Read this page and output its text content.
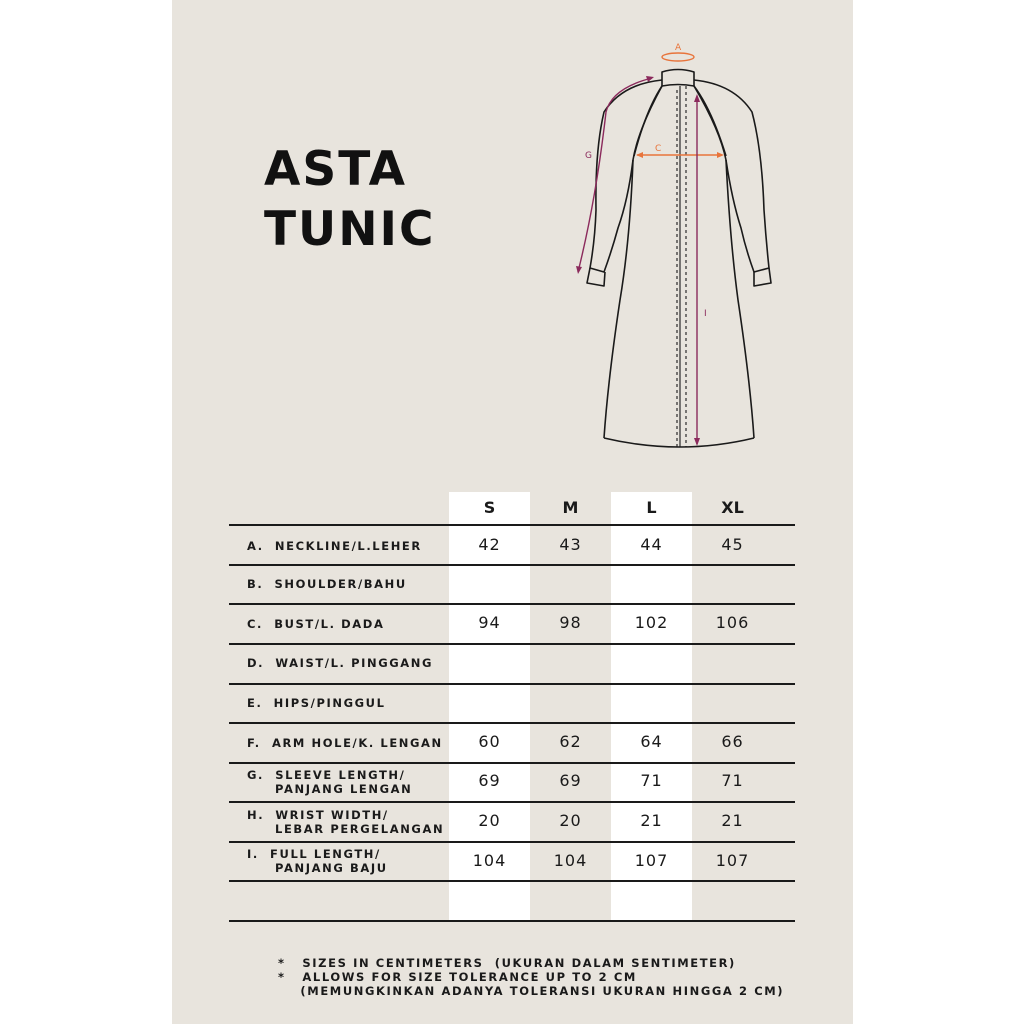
ASTA
TUNIC
A
C
G
I
S	M	L	XL
A.  NECKLINE/L.LEHER	42	43	44	45
B.  SHOULDER/BAHU
C.  BUST/L. DADA	94	98	102	106
D.  WAIST/L. PINGGANG
E.  HIPS/PINGGUL
F.  ARM HOLE/K. LENGAN	60	62	64	66
G.  SLEEVE LENGTH/
PANJANG LENGAN	69	69	71	71
H.  WRIST WIDTH/
LEBAR PERGELANGAN	20	20	21	21
I.  FULL LENGTH/
PANJANG BAJU	104	104	107	107
*   SIZES IN CENTIMETERS  (UKURAN DALAM SENTIMETER)
*   ALLOWS FOR SIZE TOLERANCE UP TO 2 CM
(MEMUNGKINKAN ADANYA TOLERANSI UKURAN HINGGA 2 CM)
